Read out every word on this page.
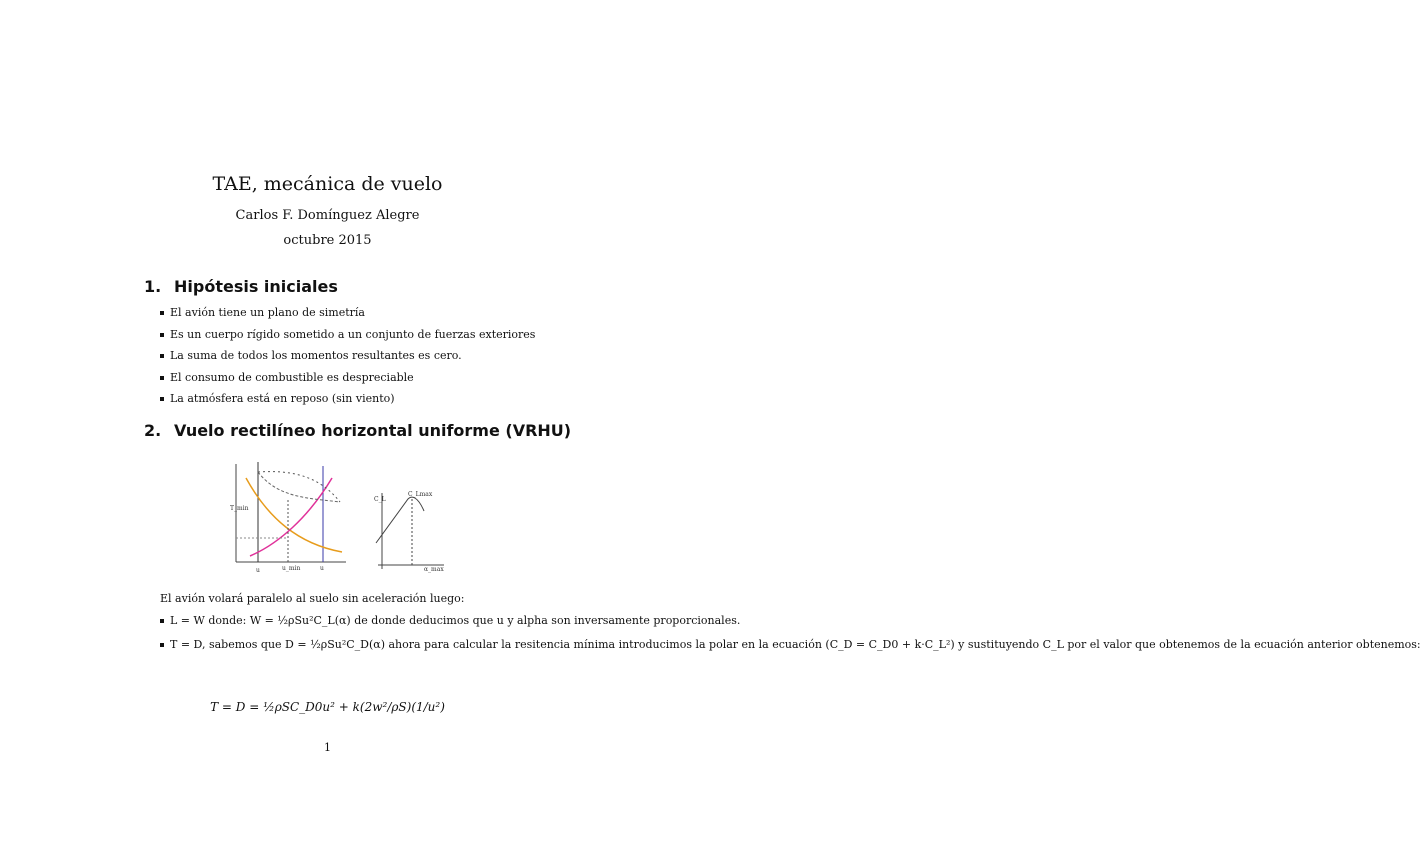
TAE, mecánica de vuelo
Carlos F. Domínguez Alegre
octubre 2015
1. Hipótesis iniciales
El avión tiene un plano de simetría
Es un cuerpo rígido sometido a un conjunto de fuerzas exteriores
La suma de todos los momentos resultantes es cero.
El consumo de combustible es despreciable
La atmósfera está en reposo (sin viento)
2. Vuelo rectilíneo horizontal uniforme (VRHU)
T_min
u	u_min	u
C_L
C_Lmax
α_max
El avión volará paralelo al suelo sin aceleración luego:
L = W donde: W = ½ρSu²C_L(α) de donde deducimos que u y alpha son inversamente proporcionales.
T = D, sabemos que D = ½ρSu²C_D(α) ahora para calcular la resitencia mínima introducimos la polar en la ecuación (C_D = C_D0 + k·C_L²) y sustituyendo C_L por el valor que obtenemos de la ecuación anterior obtenemos:
T = D = ½ρSC_D0u² + k(2w²/ρS)(1/u²)
1
